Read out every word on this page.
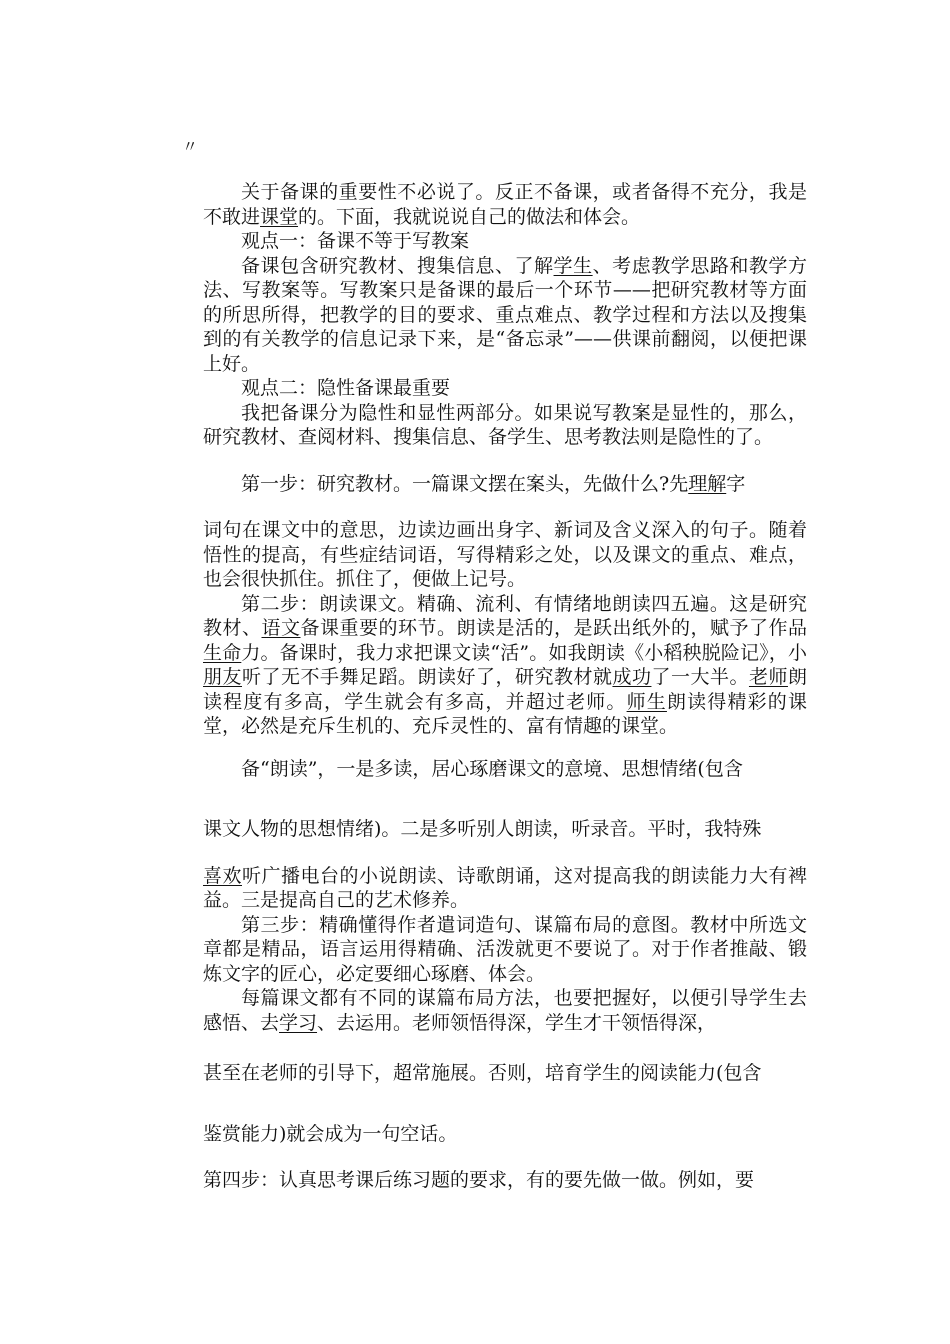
〃

关于备课的重要性不必说了。反正不备课，或者备得不充分，我是不敢进课堂的。下面，我就说说自己的做法和体会。

观点一：备课不等于写教案

备课包含研究教材、搜集信息、了解学生、考虑教学思路和教学方法、写教案等。写教案只是备课的最后一个环节——把研究教材等方面的所思所得，把教学的目的要求、重点难点、教学过程和方法以及搜集到的有关教学的信息记录下来，是“备忘录”——供课前翻阅，以便把课上好。

观点二：隐性备课最重要

我把备课分为隐性和显性两部分。如果说写教案是显性的，那么，研究教材、查阅材料、搜集信息、备学生、思考教法则是隐性的了。

第一步：研究教材。一篇课文摆在案头，先做什么?先理解字

词句在课文中的意思，边读边画出身字、新词及含义深入的句子。随着悟性的提高，有些症结词语，写得精彩之处，以及课文的重点、难点，也会很快抓住。抓住了，便做上记号。

第二步：朗读课文。精确、流利、有情绪地朗读四五遍。这是研究教材、语文备课重要的环节。朗读是活的，是跃出纸外的，赋予了作品生命力。备课时，我力求把课文读“活”。如我朗读《小稻秧脱险记》，小朋友听了无不手舞足蹈。朗读好了，研究教材就成功了一大半。老师朗读程度有多高，学生就会有多高，并超过老师。师生朗读得精彩的课堂，必然是充斥生机的、充斥灵性的、富有情趣的课堂。

备“朗读”，一是多读，居心琢磨课文的意境、思想情绪(包含

课文人物的思想情绪)。二是多听别人朗读，听录音。平时，我特殊

喜欢听广播电台的小说朗读、诗歌朗诵，这对提高我的朗读能力大有裨益。三是提高自己的艺术修养。

第三步：精确懂得作者遣词造句、谋篇布局的意图。教材中所选文章都是精品，语言运用得精确、活泼就更不要说了。对于作者推敲、锻炼文字的匠心，必定要细心琢磨、体会。

每篇课文都有不同的谋篇布局方法，也要把握好，以便引导学生去感悟、去学习、去运用。老师领悟得深，学生才干领悟得深，

甚至在老师的引导下，超常施展。否则，培育学生的阅读能力(包含

鉴赏能力)就会成为一句空话。

第四步：认真思考课后练习题的要求，有的要先做一做。例如，要
